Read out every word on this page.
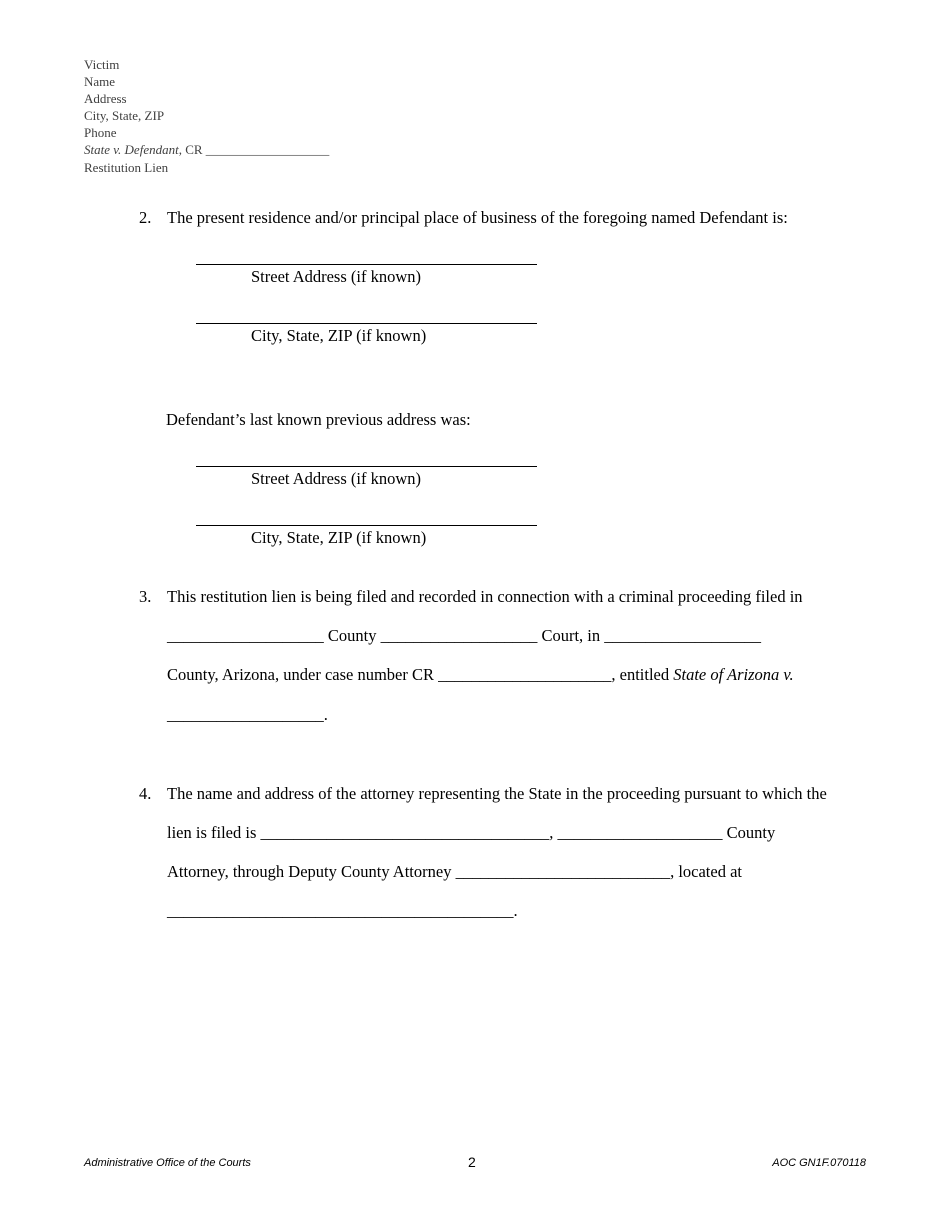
Victim
Name
Address
City, State, ZIP
Phone
State v. Defendant, CR ___________________
Restitution Lien
2. The present residence and/or principal place of business of the foregoing named Defendant is:
Street Address (if known)
City, State, ZIP (if known)
Defendant’s last known previous address was:
Street Address (if known)
City, State, ZIP (if known)
3. This restitution lien is being filed and recorded in connection with a criminal proceeding filed in
___________________ County ___________________ Court, in ___________________
County, Arizona, under case number CR _____________________, entitled State of Arizona v.
___________________.
4. The name and address of the attorney representing the State in the proceeding pursuant to which the
lien is filed is ___________________________________, ____________________ County
Attorney, through Deputy County Attorney __________________________, located at
__________________________________________.
Administrative Office of the Courts	2	AOC GN1F.070118
